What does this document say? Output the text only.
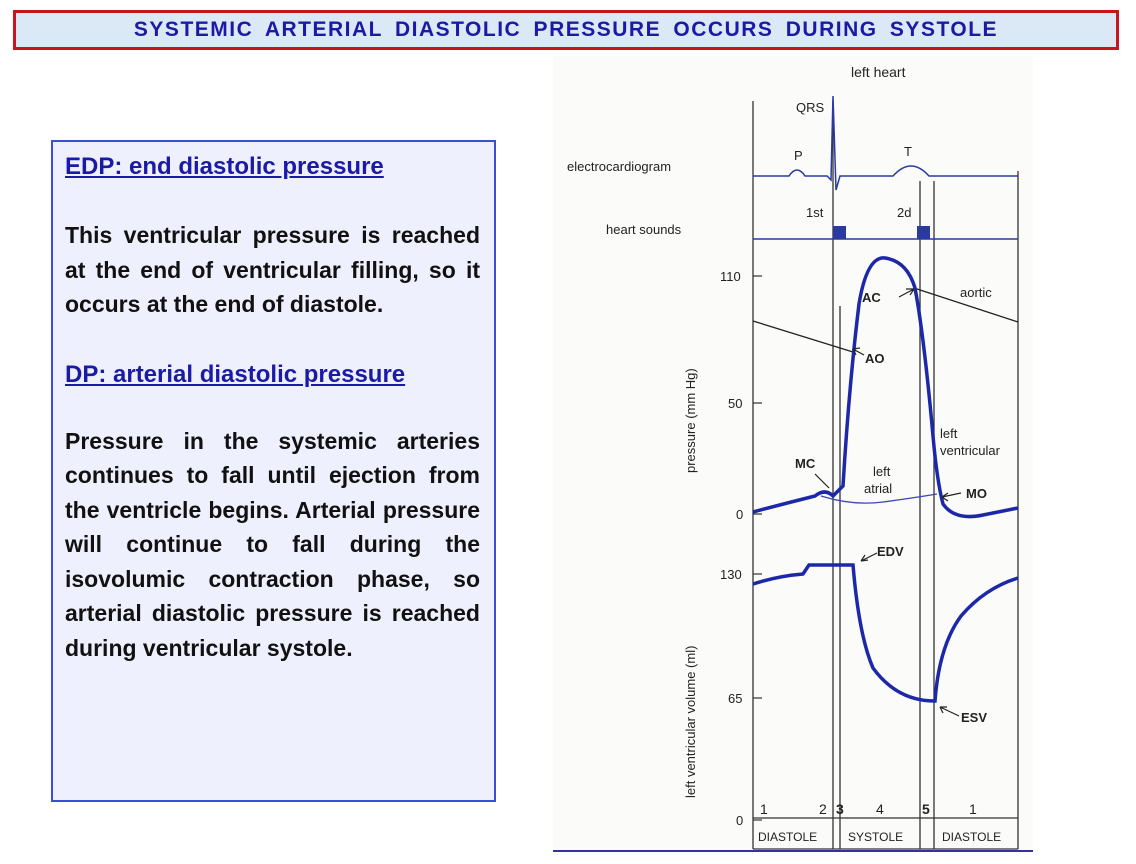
SYSTEMIC ARTERIAL DIASTOLIC PRESSURE OCCURS DURING SYSTOLE

EDP: end diastolic pressure

This ventricular pressure is reached at the end of ventricular filling, so it occurs at the end of diastole.

DP: arterial diastolic pressure

Pressure in the systemic arteries continues to fall until ejection from the ventricle begins. Arterial pressure will continue to fall during the isovolumic contraction phase, so arterial diastolic pressure is reached during ventricular systole.

left heart
electrocardiogram
QRS
P	T
heart sounds
1st	2d
pressure (mm Hg)
110
50
0
AC	aortic
AO
MC
MO
left
atrial
left
ventricular
left ventricular volume (ml)
130
65
0
EDV
ESV
1	2 3 4	5	1
DIASTOLE	SYSTOLE	DIASTOLE
